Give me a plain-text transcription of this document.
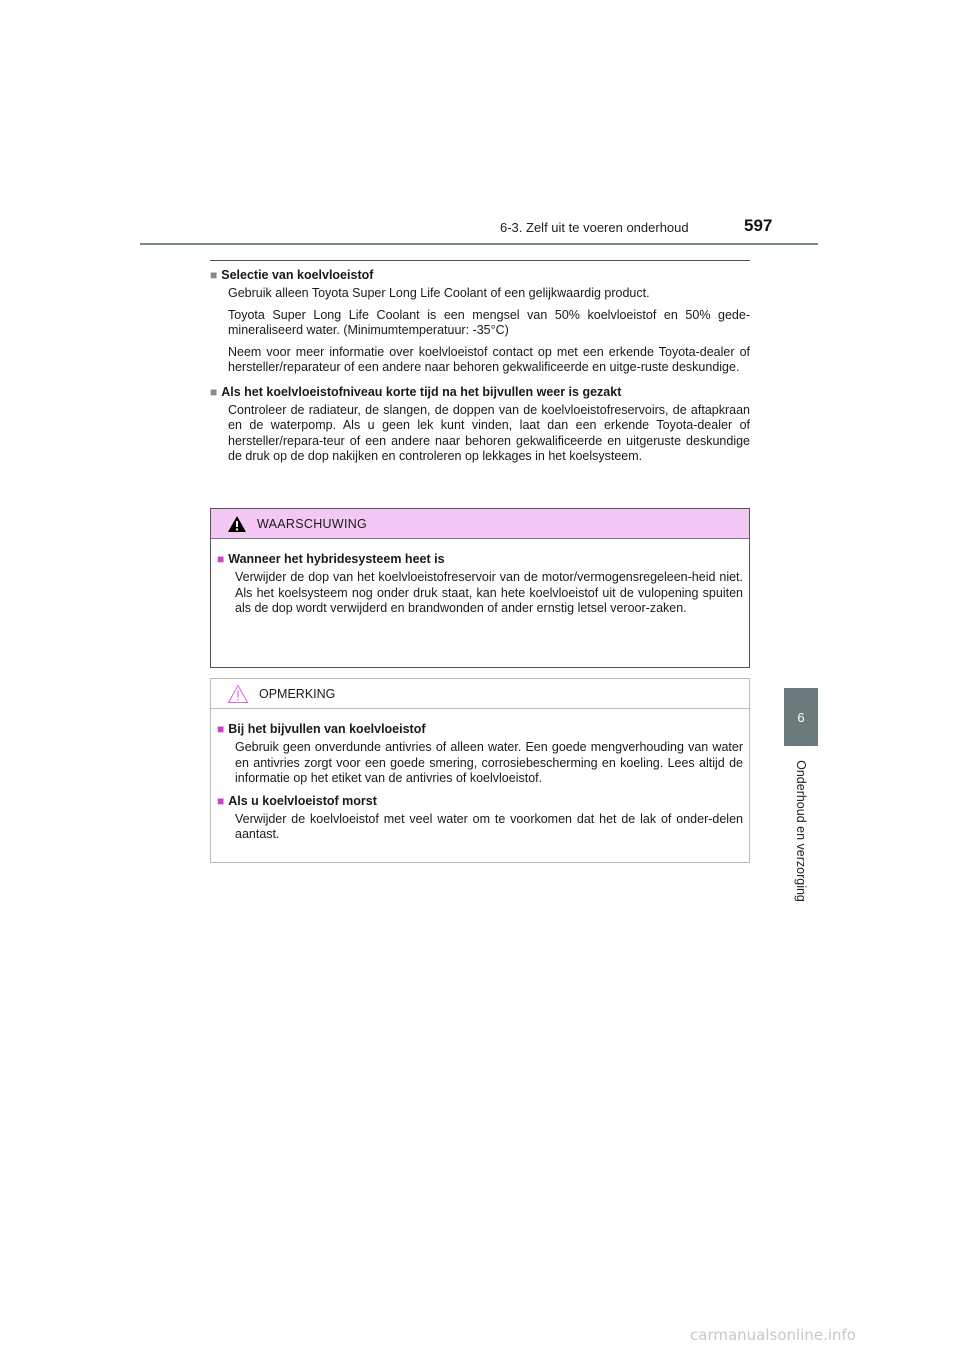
6-3. Zelf uit te voeren onderhoud	597
6
Onderhoud en verzorging
■ Selectie van koelvloeistof

Gebruik alleen Toyota Super Long Life Coolant of een gelijkwaardig product.

Toyota Super Long Life Coolant is een mengsel van 50% koelvloeistof en 50% gede-mineraliseerd water. (Minimumtemperatuur: -35°C)

Neem voor meer informatie over koelvloeistof contact op met een erkende Toyota-dealer of hersteller/reparateur of een andere naar behoren gekwalificeerde en uitge-ruste deskundige.

■ Als het koelvloeistofniveau korte tijd na het bijvullen weer is gezakt

Controleer de radiateur, de slangen, de doppen van de koelvloeistofreservoirs, de aftapkraan en de waterpomp. Als u geen lek kunt vinden, laat dan een erkende Toyota-dealer of hersteller/repara-teur of een andere naar behoren gekwalificeerde en uitgeruste deskundige de druk op de dop nakijken en controleren op lekkages in het koelsysteem.

WAARSCHUWING
■ Wanneer het hybridesysteem heet is

Verwijder de dop van het koelvloeistofreservoir van de motor/vermogensregeleen-heid niet. Als het koelsysteem nog onder druk staat, kan hete koelvloeistof uit de vulopening spuiten als de dop wordt verwijderd en brandwonden of ander ernstig letsel veroor-zaken.

OPMERKING
■ Bij het bijvullen van koelvloeistof

Gebruik geen onverdunde antivries of alleen water. Een goede mengverhouding van water en antivries zorgt voor een goede smering, corrosiebescherming en koeling. Lees altijd de informatie op het etiket van de antivries of koelvloeistof.

■ Als u koelvloeistof morst

Verwijder de koelvloeistof met veel water om te voorkomen dat het de lak of onder-delen aantast.

carmanualsonline.info
